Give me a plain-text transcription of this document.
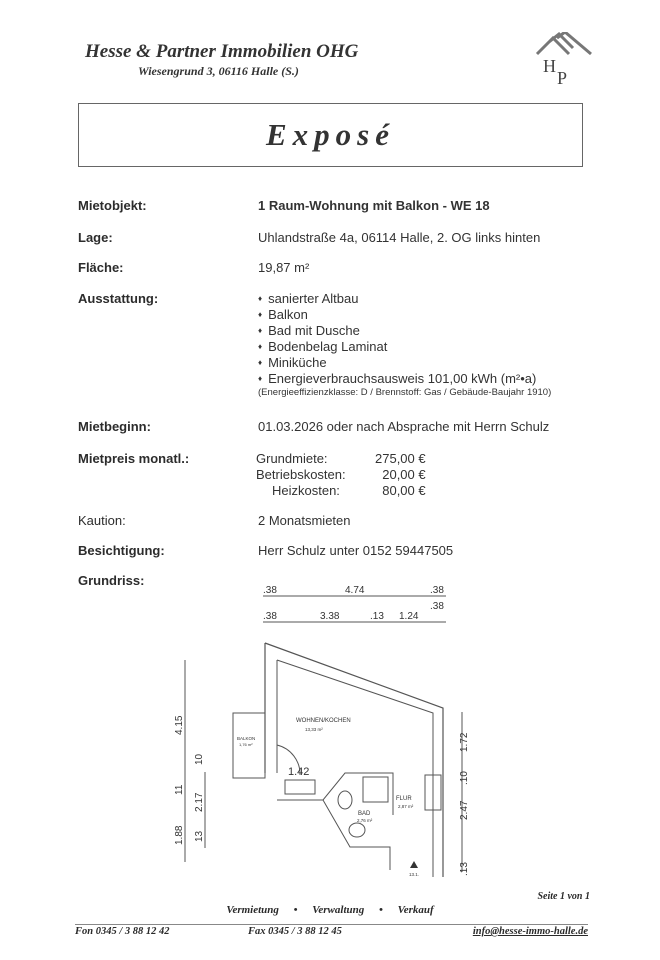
Hesse & Partner Immobilien OHG
Wiesengrund 3, 06116 Halle (S.)	H
P
Exposé
Mietobjekt:	1 Raum-Wohnung mit Balkon - WE 18
Lage:	Uhlandstraße 4a, 06114 Halle, 2. OG links hinten
Fläche:	19,87 m²
Ausstattung:	♦ sanierter Altbau
♦ Balkon
♦ Bad mit Dusche
♦ Bodenbelag Laminat
♦ Miniküche
♦ Energieverbrauchsausweis 101,00 kWh (m²•a)
(Energieeffizienzklasse: D / Brennstoff: Gas / Gebäude-Baujahr 1910)
Mietbeginn:	01.03.2026 oder nach Absprache mit Herrn Schulz
Mietpreis monatl.:	Grundmiete:	275,00 €
Betriebskosten:	20,00 €
Heizkosten:	80,00 €
Kaution:	2 Monatsmieten
Besichtigung:	Herr Schulz unter 0152 59447505
Grundriss:
.38	4.74	.38
.38	3.38	.13 1.24
.38
1.42
4.15
11
1.88
10
2.17
13
1.72
.10
2.47
.13
WOHNEN/KOCHEN
13,33 m²
BALKON
1,76 m²
FLUR
2,87 m²
BAD
2,76 m²
13.1.
Seite 1 von 1
Vermietung • Verwaltung • Verkauf
Fon 0345 / 3 88 12 42	Fax 0345 / 3 88 12 45	info@hesse-immo-halle.de
